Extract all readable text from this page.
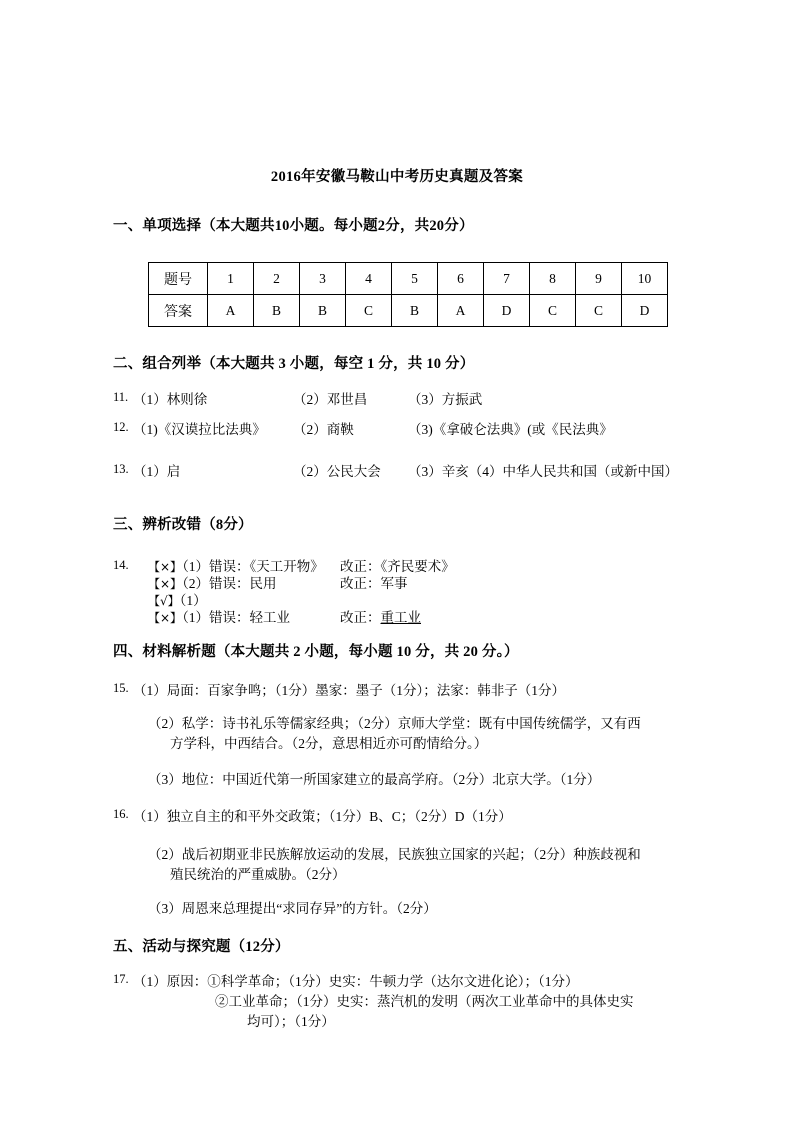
2016年安徽马鞍山中考历史真题及答案
一、单项选择（本大题共10小题。每小题2分，共20分）
题号	1	2	3	4	5	6	7	8	9	10
答案	A	B	B	C	B	A	D	C	C	D
二、组合列举（本大题共 3 小题，每空 1 分，共 10 分）
11. （1）林则徐	（2）邓世昌	（3）方振武
12. （1)《汉谟拉比法典》 （2）商鞅	（3)《拿破仑法典》(或《民法典》
13. （1）启	（2）公民大会 （3）辛亥（4）中华人民共和国（或新中国）
三、辨析改错（8分）
14. 【×】（1）错误：《天工开物》 改正：《齐民要术》
【×】（2）错误：民用	改正：军事
【√】（1）
【×】（1）错误：轻工业	改正：重工业
四、材料解析题（本大题共 2 小题，每小题 10 分，共 20 分。）
15. （1）局面：百家争鸣；（1分）墨家：墨子（1分）；法家：韩非子（1分）
（2）私学：诗书礼乐等儒家经典；（2分）京师大学堂：既有中国传统儒学，又有西
方学科，中西结合。（2分，意思相近亦可酌情给分。）
（3）地位：中国近代第一所国家建立的最高学府。（2分）北京大学。（1分）
16. （1）独立自主的和平外交政策；（1分）B、C；（2分）D（1分）
（2）战后初期亚非民族解放运动的发展，民族独立国家的兴起；（2分）种族歧视和
殖民统治的严重威胁。（2分）
（3）周恩来总理提出“求同存异”的方针。（2分）
五、活动与探究题（12分）
17. （1）原因：①科学革命；（1分）史实：牛顿力学（达尔文进化论）；（1分）
②工业革命；（1分）史实：蒸汽机的发明（两次工业革命中的具体史实
均可）；（1分）
